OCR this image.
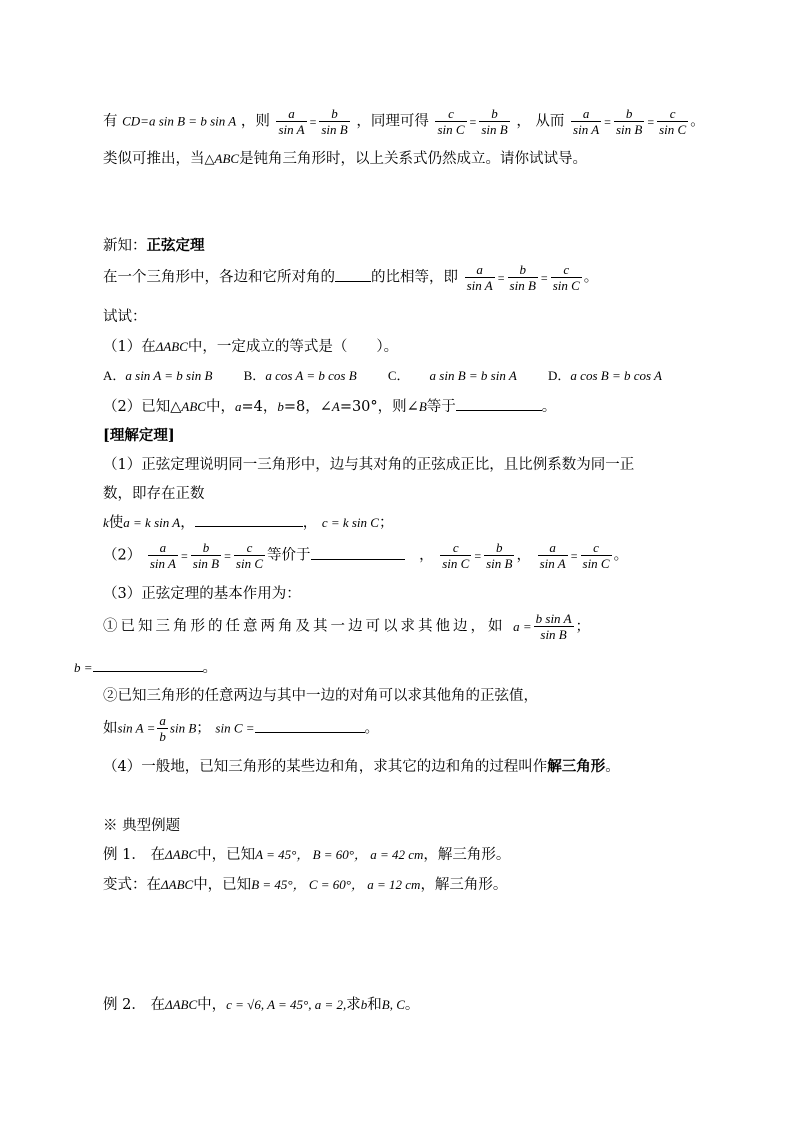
有 CD=a sin B = b sin A ，则 $\frac{a}{\text{sin A}} = \frac{b}{\text{sin B}}$ ，同理可得 $\frac{c}{\text{sin C}} = \frac{b}{\text{sin B}}$ ， 从而 $\frac{a}{\text{sin A}} = \frac{b}{\text{sin B}} = \frac{c}{\text{sin C}}$ 。
类似可推出，当△ABC是钝角三角形时，以上关系式仍然成立。请你试试导。
新知：正弦定理
在一个三角形中，各边和它所对角的 的比相等，即 $\frac{a}{\text{sin A}} = \frac{b}{\text{sin B}} = \frac{c}{\text{sin C}}$ 。
试试：
（1）在ΔABC中，一定成立的等式是（　　）。
A．a sin A = b sin B B．a cos A = b cos B C． a sin B = b sin A D．a cos B = b cos A
（2）已知△ABC中，a=4，b=8，∠A=30°，则∠B等于	。
[理解定理]
（1）正弦定理说明同一三角形中，边与其对角的正弦成正比，且比例系数为同一正
数，即存在正数
k使a = k sin A，	， c = k sin C；
$(2) \frac{a}{\text{sin A}} = \frac{b}{\text{sin B}} = \frac{c}{\text{sin C}}$ 等价于	， $\frac{c}{\text{sin C}} = \frac{b}{\text{sin B}}$ ， $\frac{a}{\text{sin A}} = \frac{c}{\text{sin C}}$ 。
（3）正弦定理的基本作用为：
①已知三角形的任意两角及其一边可以求其他边，如 $a = \frac{\text{b sin A}}{\text{sin B}}$ ；
b =	。
②已知三角形的任意两边与其中一边的对角可以求其他角的正弦值，
如$\sin A = \frac{a}{b}$ sin B； sin C =	。
（4）一般地，已知三角形的某些边和角，求其它的边和角的过程叫作解三角形。
※ 典型例题
例 1． 在ΔABC中，已知A = 45°， B = 60°， a = 42 cm，解三角形。
变式：在ΔABC中，已知B = 45°， C = 60°， a = 12 cm，解三角形。
例 2． 在ΔABC中，c = √6, A = 45°, a = 2,求b和B, C。
